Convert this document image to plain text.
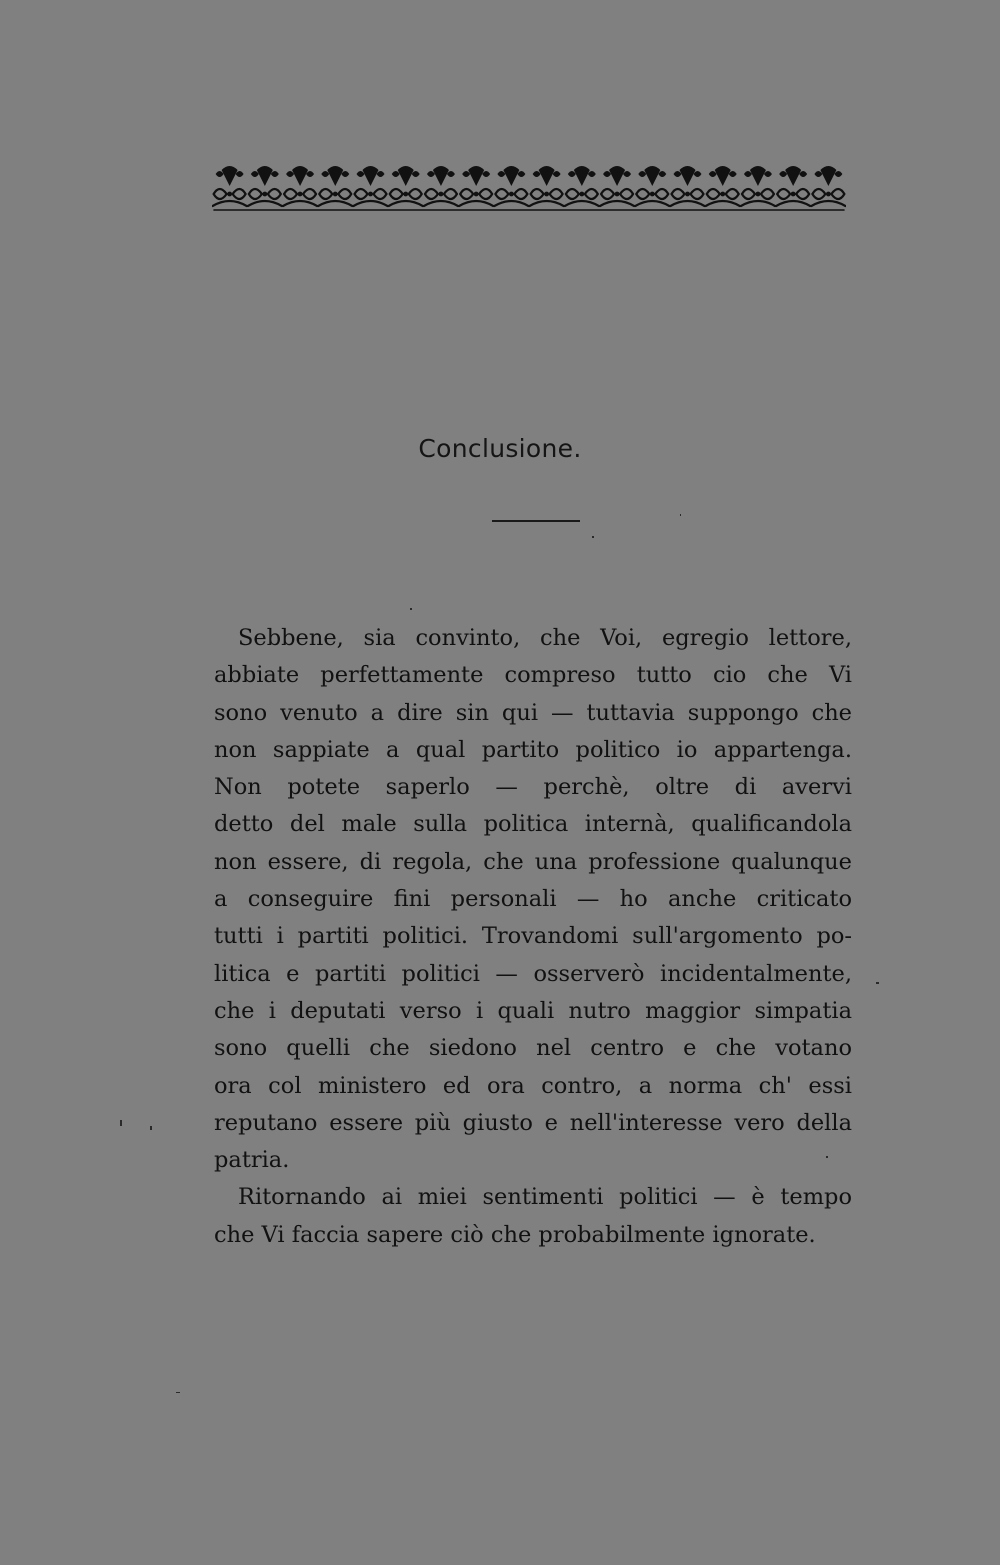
Conclusione.
Sebbene, sia convinto, che Voi, egregio lettore,
abbiate perfettamente compreso tutto cio che Vi
sono venuto a dire sin qui — tuttavia suppongo che
non sappiate a qual partito politico io appartenga.
Non potete saperlo — perchè, oltre di avervi
detto del male sulla politica internà, qualificandola
non essere, di regola, che una professione qualunque
a conseguire fini personali — ho anche criticato
tutti i partiti politici. Trovandomi sull'argomento po-
litica e partiti politici — osserverò incidentalmente,
che i deputati verso i quali nutro maggior simpatia
sono quelli che siedono nel centro e che votano
ora col ministero ed ora contro, a norma ch' essi
reputano essere più giusto e nell'interesse vero della
patria.
Ritornando ai miei sentimenti politici — è tempo
che Vi faccia sapere ciò che probabilmente ignorate.
